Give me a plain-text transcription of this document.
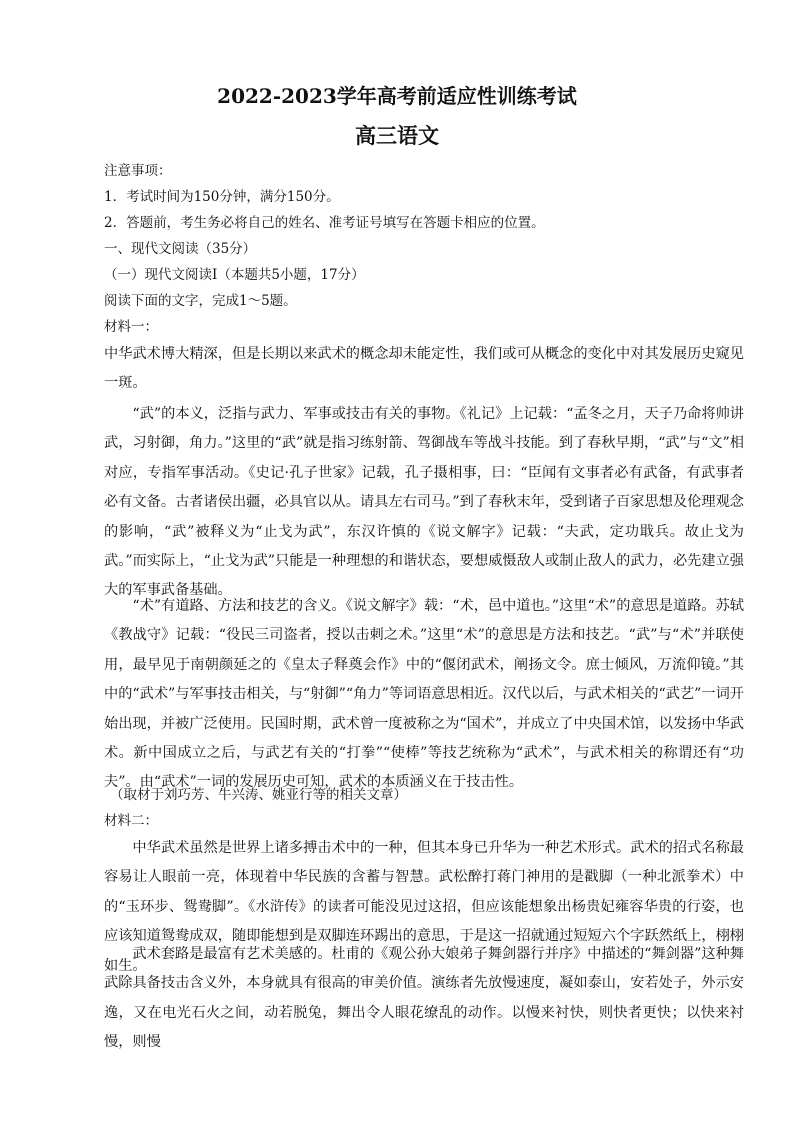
2022-2023学年高考前适应性训练考试
高三语文

注意事项：

1．考试时间为150分钟，满分150分。

2．答题前，考生务必将自己的姓名、准考证号填写在答题卡相应的位置。

一、现代文阅读（35分）

（一）现代文阅读I（本题共5小题，17分）

阅读下面的文字，完成1～5题。

材料一：

中华武术博大精深，但是长期以来武术的概念却未能定性，我们或可从概念的变化中对其发展历史窥见一斑。

“武”的本义，泛指与武力、军事或技击有关的事物。《礼记》上记载：“孟冬之月，天子乃命将帅讲武，习射御，角力。”这里的“武”就是指习练射箭、驾御战车等战斗技能。到了春秋早期，“武”与“文”相对应，专指军事活动。《史记·孔子世家》记载，孔子摄相事，曰：“臣闻有文事者必有武备，有武事者必有文备。古者诸侯出疆，必具官以从。请具左右司马。”到了春秋末年，受到诸子百家思想及伦理观念的影响，“武”被释义为“止戈为武”，东汉许慎的《说文解字》记载：“夫武，定功戢兵。故止戈为武。”而实际上，“止戈为武”只能是一种理想的和谐状态，要想威慑敌人或制止敌人的武力，必先建立强大的军事武备基础。

“术”有道路、方法和技艺的含义。《说文解字》载：“术，邑中道也。”这里“术”的意思是道路。苏轼《教战守》记载：“役民三司盗者，授以击刺之术。”这里“术”的意思是方法和技艺。“武”与“术”并联使用，最早见于南朝颜延之的《皇太子释奠会作》中的“偃闭武术，阐扬文令。庶士倾风，万流仰镜。”其中的“武术”与军事技击相关，与“射御”“角力”等词语意思相近。汉代以后，与武术相关的“武艺”一词开始出现，并被广泛使用。民国时期，武术曾一度被称之为“国术”，并成立了中央国术馆，以发扬中华武术。新中国成立之后，与武艺有关的“打拳”“使棒”等技艺统称为“武术”，与武术相关的称谓还有“功夫”。由“武术”一词的发展历史可知，武术的本质涵义在于技击性。

（取材于刘巧芳、牛兴涛、姚亚行等的相关文章）

材料二：

中华武术虽然是世界上诸多搏击术中的一种，但其本身已升华为一种艺术形式。武术的招式名称最容易让人眼前一亮，体现着中华民族的含蓄与智慧。武松醉打蒋门神用的是戳脚（一种北派拳术）中的“玉环步、鸳鸯脚”。《水浒传》的读者可能没见过这招，但应该能想象出杨贵妃雍容华贵的行姿，也应该知道鸳鸯成双，随即能想到是双脚连环踢出的意思，于是这一招就通过短短六个字跃然纸上，栩栩如生。

武术套路是最富有艺术美感的。杜甫的《观公孙大娘弟子舞剑器行并序》中描述的“舞剑器”这种舞武除具备技击含义外，本身就具有很高的审美价值。演练者先放慢速度，凝如泰山，安若处子，外示安逸，又在电光石火之间，动若脱兔，舞出令人眼花缭乱的动作。以慢来衬快，则快者更快；以快来衬慢，则慢
